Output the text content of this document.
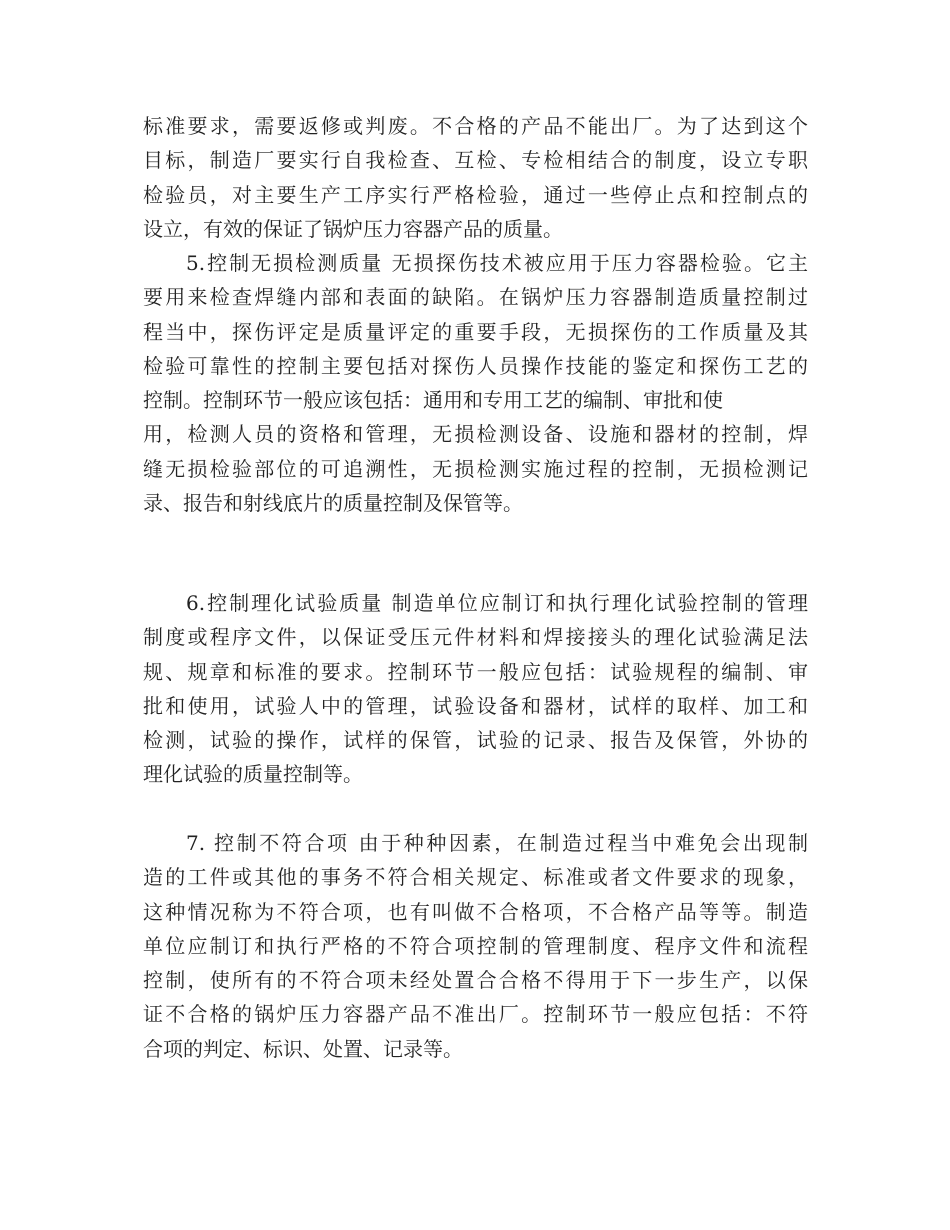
标准要求，需要返修或判废。不合格的产品不能出厂。为了达到这个
目标，制造厂要实行自我检查、互检、专检相结合的制度，设立专职
检验员，对主要生产工序实行严格检验，通过一些停止点和控制点的
设立，有效的保证了锅炉压力容器产品的质量。
5.控制无损检测质量 无损探伤技术被应用于压力容器检验。它主
要用来检查焊缝内部和表面的缺陷。在锅炉压力容器制造质量控制过
程当中，探伤评定是质量评定的重要手段，无损探伤的工作质量及其
检验可靠性的控制主要包括对探伤人员操作技能的鉴定和探伤工艺的
控制。控制环节一般应该包括：通用和专用工艺的编制、审批和使
用，检测人员的资格和管理，无损检测设备、设施和器材的控制，焊
缝无损检验部位的可追溯性，无损检测实施过程的控制，无损检测记
录、报告和射线底片的质量控制及保管等。
6.控制理化试验质量 制造单位应制订和执行理化试验控制的管理
制度或程序文件，以保证受压元件材料和焊接接头的理化试验满足法
规、规章和标准的要求。控制环节一般应包括：试验规程的编制、审
批和使用，试验人中的管理，试验设备和器材，试样的取样、加工和
检测，试验的操作，试样的保管，试验的记录、报告及保管，外协的
理化试验的质量控制等。
7. 控制不符合项 由于种种因素，在制造过程当中难免会出现制
造的工件或其他的事务不符合相关规定、标准或者文件要求的现象，
这种情况称为不符合项，也有叫做不合格项，不合格产品等等。制造
单位应制订和执行严格的不符合项控制的管理制度、程序文件和流程
控制，使所有的不符合项未经处置合合格不得用于下一步生产，以保
证不合格的锅炉压力容器产品不准出厂。控制环节一般应包括：不符
合项的判定、标识、处置、记录等。
